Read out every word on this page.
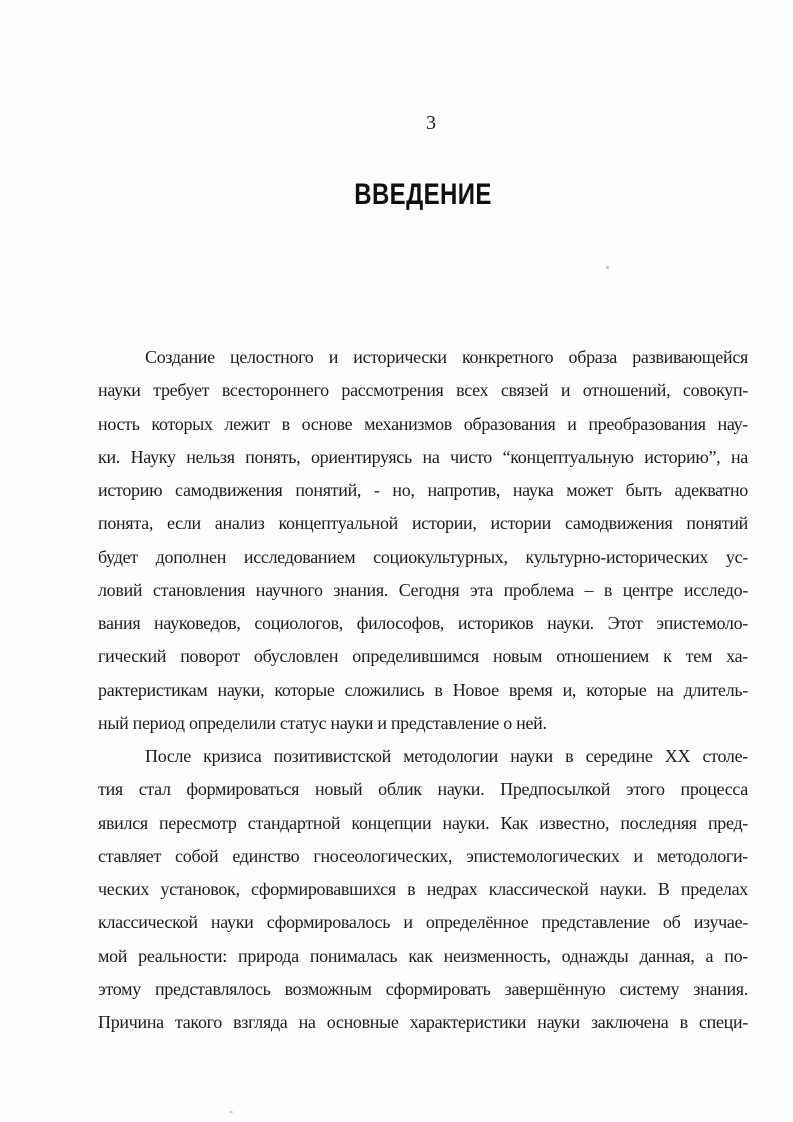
3
ВВЕДЕНИЕ
Создание целостного и исторически конкретного образа развивающейся
науки требует всестороннего рассмотрения всех связей и отношений, совокуп-
ность которых лежит в основе механизмов образования и преобразования нау-
ки. Науку нельзя понять, ориентируясь на чисто “концептуальную историю”, на
историю самодвижения понятий, - но, напротив, наука может быть адекватно
понята, если анализ концептуальной истории, истории самодвижения понятий
будет дополнен исследованием социокультурных, культурно-исторических ус-
ловий становления научного знания. Сегодня эта проблема – в центре исследо-
вания науковедов, социологов, философов, историков науки. Этот эпистемоло-
гический поворот обусловлен определившимся новым отношением к тем ха-
рактеристикам науки, которые сложились в Новое время и, которые на длитель-
ный период определили статус науки и представление о ней.
После кризиса позитивистской методологии науки в середине XX столе-
тия стал формироваться новый облик науки. Предпосылкой этого процесса
явился пересмотр стандартной концепции науки. Как известно, последняя пред-
ставляет собой единство гносеологических, эпистемологических и методологи-
ческих установок, сформировавшихся в недрах классической науки. В пределах
классической науки сформировалось и определённое представление об изучае-
мой реальности: природа понималась как неизменность, однажды данная, а по-
этому представлялось возможным сформировать завершённую систему знания.
Причина такого взгляда на основные характеристики науки заключена в специ-
